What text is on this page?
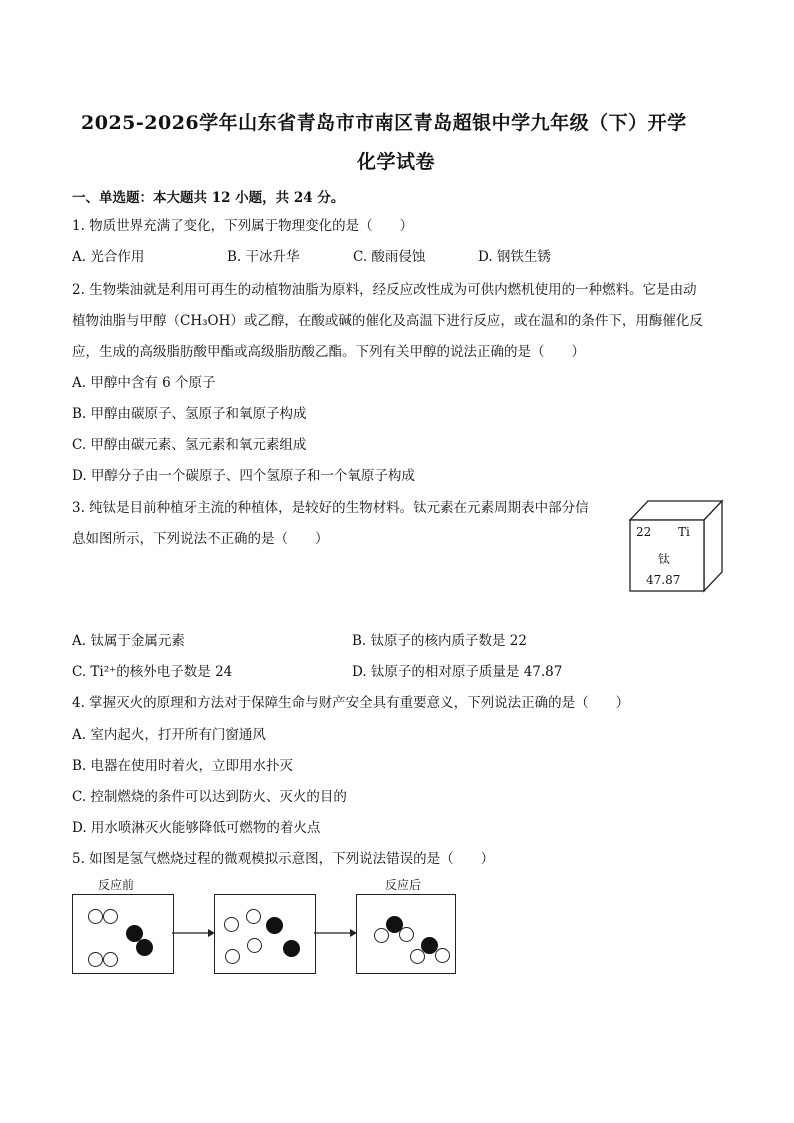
2025-2026学年山东省青岛市市南区青岛超银中学九年级（下）开学
化学试卷
一、单选题：本大题共 12 小题，共 24 分。
1. 物质世界充满了变化，下列属于物理变化的是（　　）
A. 光合作用	B. 干冰升华	C. 酸雨侵蚀	D. 钢铁生锈
2. 生物柴油就是利用可再生的动植物油脂为原料，经反应改性成为可供内燃机使用的一种燃料。它是由动
植物油脂与甲醇（CH₃OH）或乙醇，在酸或碱的催化及高温下进行反应，或在温和的条件下，用酶催化反
应，生成的高级脂肪酸甲酯或高级脂肪酸乙酯。下列有关甲醇的说法正确的是（　　）
A. 甲醇中含有 6 个原子
B. 甲醇由碳原子、氢原子和氧原子构成
C. 甲醇由碳元素、氢元素和氧元素组成
D. 甲醇分子由一个碳原子、四个氢原子和一个氧原子构成
3. 纯钛是目前种植牙主流的种植体，是较好的生物材料。钛元素在元素周期表中部分信
息如图所示，下列说法不正确的是（　　）	22 Ti
钛
47.87
A. 钛属于金属元素	B. 钛原子的核内质子数是 22
C. Ti²⁺的核外电子数是 24	D. 钛原子的相对原子质量是 47.87
4. 掌握灭火的原理和方法对于保障生命与财产安全具有重要意义，下列说法正确的是（　　）
A. 室内起火，打开所有门窗通风
B. 电器在使用时着火，立即用水扑灭
C. 控制燃烧的条件可以达到防火、灭火的目的
D. 用水喷淋灭火能够降低可燃物的着火点
5. 如图是氢气燃烧过程的微观模拟示意图，下列说法错误的是（　　）
反应前	反应后
